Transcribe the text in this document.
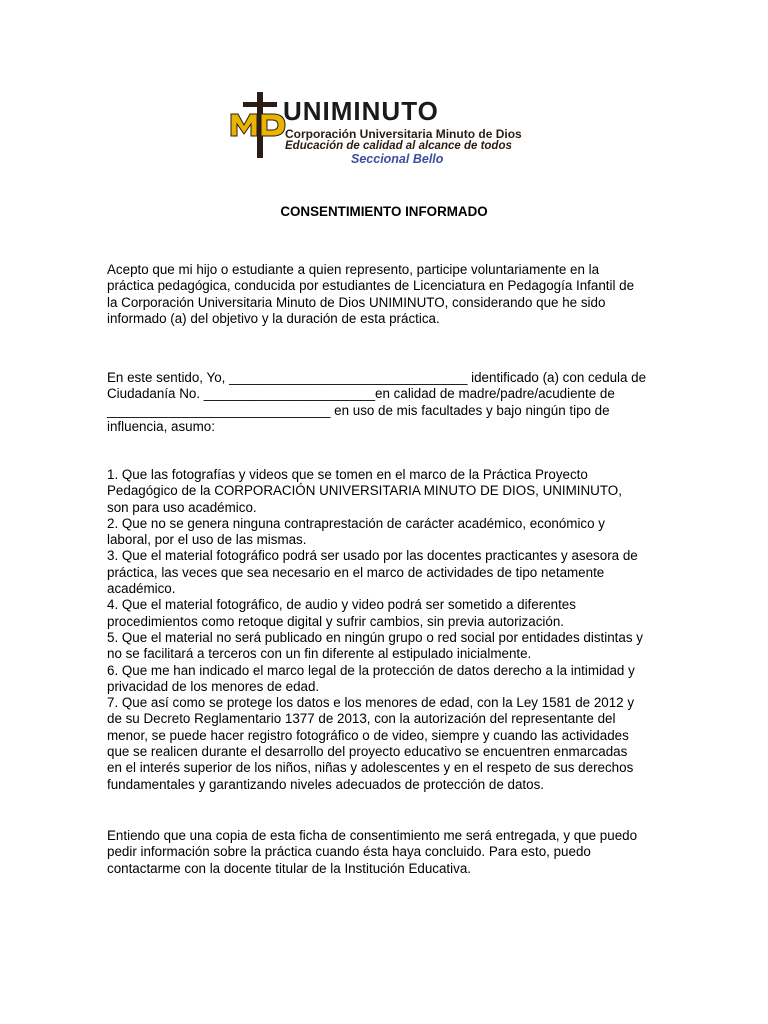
UNIMINUTO
Corporación Universitaria Minuto de Dios
Educación de calidad al alcance de todos
Seccional Bello
CONSENTIMIENTO INFORMADO
Acepto que mi hijo o estudiante a quien represento, participe voluntariamente en la
práctica pedagógica, conducida por estudiantes de Licenciatura en Pedagogía Infantil de
la Corporación Universitaria Minuto de Dios UNIMINUTO, considerando que he sido
informado (a) del objetivo y la duración de esta práctica.
En este sentido, Yo, ________________________________ identificado (a) con cedula de
Ciudadanía No. _______________________en calidad de madre/padre/acudiente de
______________________________ en uso de mis facultades y bajo ningún tipo de
influencia, asumo:
1. Que las fotografías y videos que se tomen en el marco de la Práctica Proyecto
Pedagógico de la CORPORACIÓN UNIVERSITARIA MINUTO DE DIOS, UNIMINUTO,
son para uso académico.
2. Que no se genera ninguna contraprestación de carácter académico, económico y
laboral, por el uso de las mismas.
3. Que el material fotográfico podrá ser usado por las docentes practicantes y asesora de
práctica, las veces que sea necesario en el marco de actividades de tipo netamente
académico.
4. Que el material fotográfico, de audio y video podrá ser sometido a diferentes
procedimientos como retoque digital y sufrir cambios, sin previa autorización.
5. Que el material no será publicado en ningún grupo o red social por entidades distintas y
no se facilitará a terceros con un fin diferente al estipulado inicialmente.
6. Que me han indicado el marco legal de la protección de datos derecho a la intimidad y
privacidad de los menores de edad.
7. Que así como se protege los datos e los menores de edad, con la Ley 1581 de 2012 y
de su Decreto Reglamentario 1377 de 2013, con la autorización del representante del
menor, se puede hacer registro fotográfico o de video, siempre y cuando las actividades
que se realicen durante el desarrollo del proyecto educativo se encuentren enmarcadas
en el interés superior de los niños, niñas y adolescentes y en el respeto de sus derechos
fundamentales y garantizando niveles adecuados de protección de datos.
Entiendo que una copia de esta ficha de consentimiento me será entregada, y que puedo
pedir información sobre la práctica cuando ésta haya concluido. Para esto, puedo
contactarme con la docente titular de la Institución Educativa.
